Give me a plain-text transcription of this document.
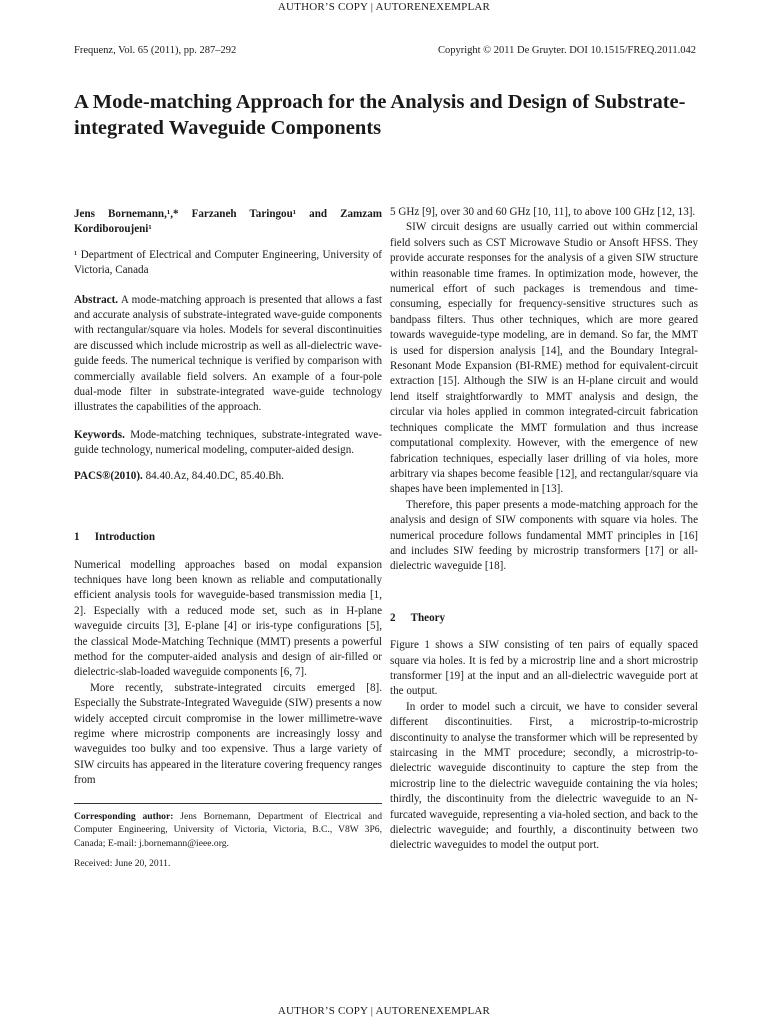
AUTHOR’S COPY | AUTORENEXEMPLAR
Frequenz, Vol. 65 (2011), pp. 287–292	Copyright © 2011 De Gruyter. DOI 10.1515/FREQ.2011.042
A Mode-matching Approach for the Analysis and Design of Substrate-integrated Waveguide Components

Jens Bornemann,¹,* Farzaneh Taringou¹ and Zamzam Kordiboroujeni¹

¹ Department of Electrical and Computer Engineering, University of Victoria, Canada

Abstract. A mode-matching approach is presented that allows a fast and accurate analysis of substrate-integrated wave-guide components with rectangular/square via holes. Models for several discontinuities are discussed which include microstrip as well as all-dielectric wave-guide feeds. The numerical technique is verified by comparison with commercially available field solvers. An example of a four-pole dual-mode filter in substrate-integrated wave-guide technology illustrates the capabilities of the approach.

Keywords. Mode-matching techniques, substrate-integrated wave-guide technology, numerical modeling, computer-aided design.

PACS®(2010). 84.40.Az, 84.40.DC, 85.40.Bh.

1 Introduction

Numerical modelling approaches based on modal expansion techniques have long been known as reliable and computationally efficient analysis tools for waveguide-based transmission media [1, 2]. Especially with a reduced mode set, such as in H-plane waveguide circuits [3], E-plane [4] or iris-type configurations [5], the classical Mode-Matching Technique (MMT) presents a powerful method for the computer-aided analysis and design of air-filled or dielectric-slab-loaded waveguide components [6, 7].

More recently, substrate-integrated circuits emerged [8]. Especially the Substrate-Integrated Waveguide (SIW) presents a now widely accepted circuit compromise in the lower millimetre-wave regime where microstrip components are increasingly lossy and waveguides too bulky and too expensive. Thus a large variety of SIW circuits has appeared in the literature covering frequency ranges from

Corresponding author: Jens Bornemann, Department of Electrical and Computer Engineering, University of Victoria, Victoria, B.C., V8W 3P6, Canada; E-mail: j.bornemann@ieee.org.

Received: June 20, 2011.

5 GHz [9], over 30 and 60 GHz [10, 11], to above 100 GHz [12, 13].

SIW circuit designs are usually carried out within commercial field solvers such as CST Microwave Studio or Ansoft HFSS. They provide accurate responses for the analysis of a given SIW structure within reasonable time frames. In optimization mode, however, the numerical effort of such packages is tremendous and time-consuming, especially for frequency-sensitive structures such as bandpass filters. Thus other techniques, which are more geared towards waveguide-type modeling, are in demand. So far, the MMT is used for dispersion analysis [14], and the Boundary Integral-Resonant Mode Expansion (BI-RME) method for equivalent-circuit extraction [15]. Although the SIW is an H-plane circuit and would lend itself straightforwardly to MMT analysis and design, the circular via holes applied in common integrated-circuit fabrication techniques complicate the MMT formulation and thus increase computational complexity. However, with the emergence of new fabrication techniques, especially laser drilling of via holes, more arbitrary via shapes become feasible [12], and rectangular/square via shapes have been implemented in [13].

Therefore, this paper presents a mode-matching approach for the analysis and design of SIW components with square via holes. The numerical procedure follows fundamental MMT principles in [16] and includes SIW feeding by microstrip transformers [17] or all-dielectric waveguide [18].

2 Theory

Figure 1 shows a SIW consisting of ten pairs of equally spaced square via holes. It is fed by a microstrip line and a short microstrip transformer [19] at the input and an all-dielectric waveguide port at the output.

In order to model such a circuit, we have to consider several different discontinuities. First, a microstrip-to-microstrip discontinuity to analyse the transformer which will be represented by staircasing in the MMT procedure; secondly, a microstrip-to-dielectric waveguide discontinuity to capture the step from the microstrip line to the dielectric waveguide containing the via holes; thirdly, the discontinuity from the dielectric waveguide to an N-furcated waveguide, representing a via-holed section, and back to the dielectric waveguide; and fourthly, a discontinuity between two dielectric waveguides to model the output port.

AUTHOR’S COPY | AUTORENEXEMPLAR
